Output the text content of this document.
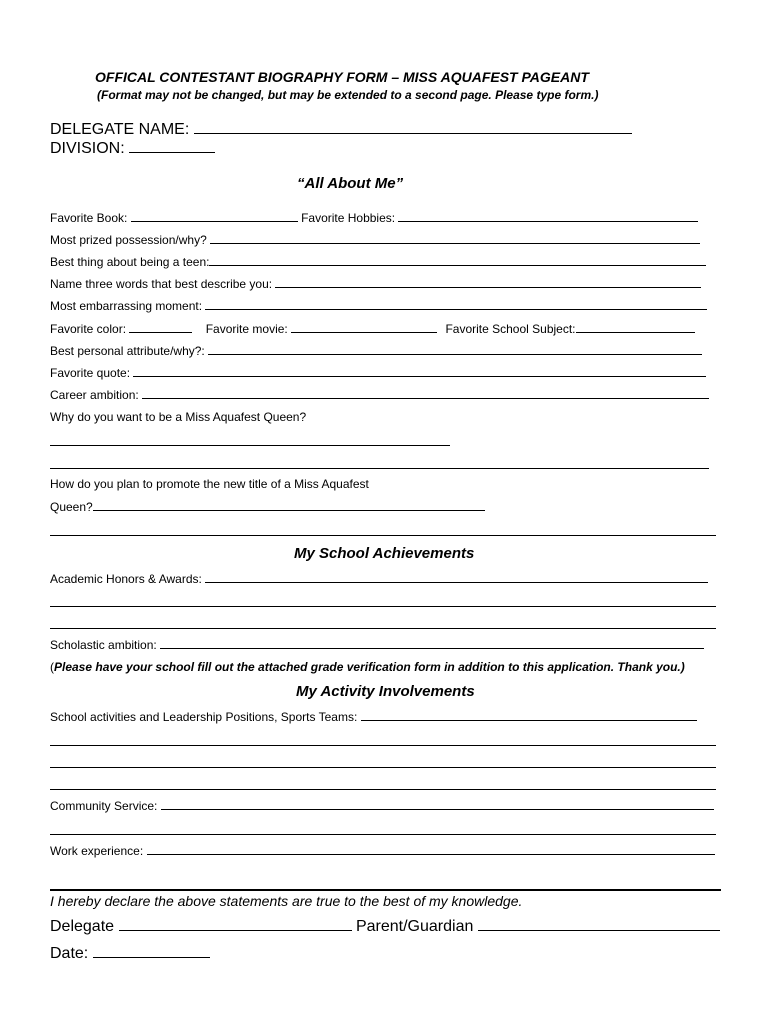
OFFICAL CONTESTANT BIOGRAPHY FORM – MISS AQUAFEST PAGEANT
(Format may not be changed, but may be extended to a second page. Please type form.)
DELEGATE NAME:
DIVISION:
“All About Me”
Favorite Book:	Favorite Hobbies:
Most prized possession/why?
Best thing about being a teen:
Name three words that best describe you:
Most embarrassing moment:
Favorite color:	Favorite movie:	Favorite School Subject:
Best personal attribute/why?:
Favorite quote:
Career ambition:
Why do you want to be a Miss Aquafest Queen?
How do you plan to promote the new title of a Miss Aquafest
Queen?
My School Achievements
Academic Honors & Awards:
Scholastic ambition:
(Please have your school fill out the attached grade verification form in addition to this application. Thank you.)
My Activity Involvements
School activities and Leadership Positions, Sports Teams:
Community Service:
Work experience:
I hereby declare the above statements are true to the best of my knowledge.
Delegate	Parent/Guardian
Date:
